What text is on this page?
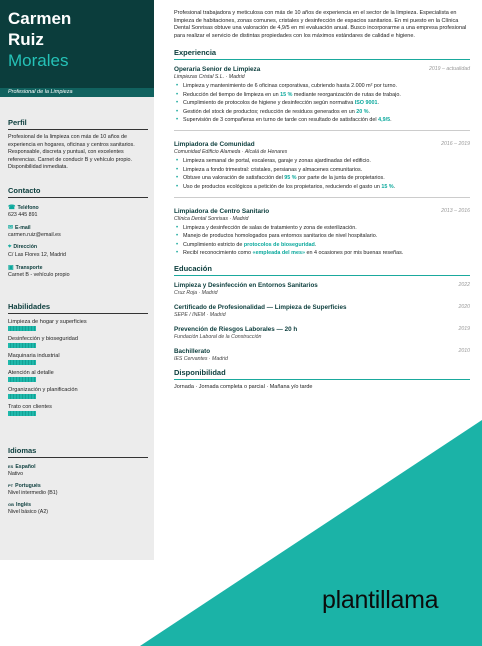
Carmen
Ruiz
Morales
Profesional de la Limpieza
Perfil
Profesional de la limpieza con más de 10 años de experiencia en hogares, oficinas y centros sanitarios. Responsable, discreta y puntual, con excelentes referencias. Carnet de conducir B y vehículo propio. Disponibilidad inmediata.
Contacto
☎ Teléfono
623 445 891
✉ E-mail
carmen.ruiz@email.es
⌖ Dirección
C/ Las Flores 12, Madrid
▣ Transporte
Carnet B - vehículo propio
Habilidades
Limpieza de hogar y superficies
Desinfección y bioseguridad
Maquinaria industrial
Atención al detalle
Organización y planificación
Trato con clientes
Idiomas
ES Español
Nativo
PT Portugués
Nivel intermedio (B1)
GB Inglés
Nivel básico (A2)
Profesional trabajadora y meticulosa con más de 10 años de experiencia en el sector de la limpieza. Especialista en limpieza de habitaciones, zonas comunes, cristales y desinfección de espacios sanitarios. En mi puesto en la Clínica Dental Sonrisas obtuve una valoración de 4,9/5 en mi evaluación anual. Busco incorporarme a una empresa profesional para realizar el servicio de distintas propiedades con los máximos estándares de calidad e higiene.
Experiencia
Operaria Senior de Limpieza	2019 – actualidad
Limpiezas Cristal S.L. · Madrid
• Limpieza y mantenimiento de 6 oficinas corporativas, cubriendo hasta 2.000 m² por turno.
• Reducción del tiempo de limpieza en un 15 % mediante reorganización de rutas de trabajo.
• Cumplimiento de protocolos de higiene y desinfección según normativa ISO 9001.
• Gestión del stock de productos; reducción de residuos generados en un 20 %.
• Supervisión de 3 compañeras en turno de tarde con resultado de satisfacción del 4,9/5.
Limpiadora de Comunidad	2016 – 2019
Comunidad Edificio Alameda · Alcalá de Henares
• Limpieza semanal de portal, escaleras, garaje y zonas ajardinadas del edificio.
• Limpieza a fondo trimestral: cristales, persianas y almacenes comunitarios.
• Obtuve una valoración de satisfacción del 95 % por parte de la junta de propietarios.
• Uso de productos ecológicos a petición de los propietarios, reduciendo el gasto un 15 %.
Limpiadora de Centro Sanitario	2013 – 2016
Clínica Dental Sonrisas · Madrid
• Limpieza y desinfección de salas de tratamiento y zona de esterilización.
• Manejo de productos homologados para entornos sanitarios de nivel hospitalario.
• Cumplimiento estricto de protocolos de bioseguridad.
• Recibí reconocimiento como «empleada del mes» en 4 ocasiones por mis buenas reseñas.
Educación
Limpieza y Desinfección en Entornos Sanitarios	2022
Cruz Roja · Madrid
Certificado de Profesionalidad — Limpieza de Superficies	2020
SEPE / INEM · Madrid
Prevención de Riesgos Laborales — 20 h	2019
Fundación Laboral de la Construcción
Bachillerato	2010
IES Cervantes · Madrid
Disponibilidad
Jornada · Jornada completa o parcial · Mañana y/o tarde
plantillama
